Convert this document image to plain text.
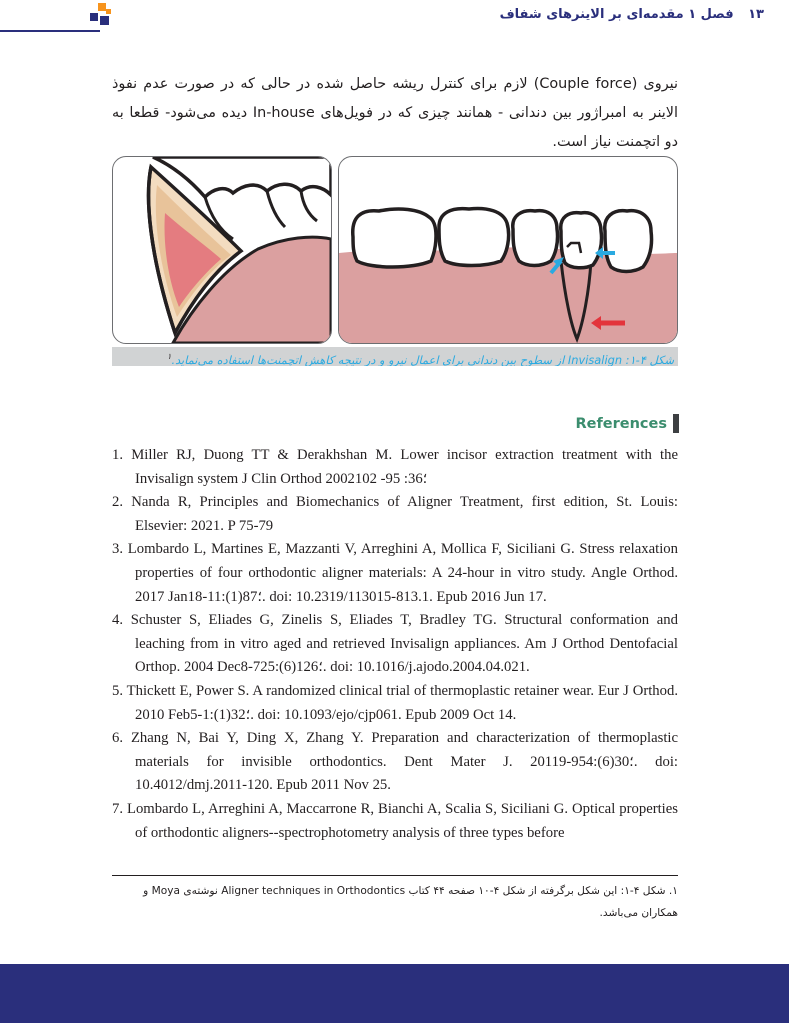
۱۳ فصل ۱ مقدمه‌ای بر الاینرهای شفاف

نیروی (Couple force) لازم برای کنترل ریشه حاصل شده در حالی که در صورت عدم نفوذ الاینر به امبراژور بین دندانی - همانند چیزی که در فویل‌های In-house دیده می‌شود- قطعا به دو اتچمنت نیاز است.

شکل ۴-۱: Invisalign از سطوح بین دندانی برای اعمال نیرو و در نتیجه کاهش اتچمنت‌ها استفاده می‌نماید.$^۱$
References
1. Miller RJ, Duong TT & Derakhshan M. Lower incisor extraction treatment with the Invisalign system J Clin Orthod 2002؛36: 95- 102
2. Nanda R, Principles and Biomechanics of Aligner Treatment, first edition, St. Louis: Elsevier: 2021. P 75-79
3. Lombardo L, Martines E, Mazzanti V, Arreghini A, Mollica F, Siciliani G. Stress relaxation properties of four orthodontic aligner materials: A 24-hour in vitro study. Angle Orthod. 2017 Jan؛87(1):11-18. doi: 10.2319/113015-813.1. Epub 2016 Jun 17.
4. Schuster S, Eliades G, Zinelis S, Eliades T, Bradley TG. Structural conformation and leaching from in vitro aged and retrieved Invisalign appliances. Am J Orthod Dentofacial Orthop. 2004 Dec؛126(6):725-8. doi: 10.1016/j.ajodo.2004.04.021.
5. Thickett E, Power S. A randomized clinical trial of thermoplastic retainer wear. Eur J Orthod. 2010 Feb؛32(1):1-5. doi: 10.1093/ejo/cjp061. Epub 2009 Oct 14.
6. Zhang N, Bai Y, Ding X, Zhang Y. Preparation and characterization of thermoplastic materials for invisible orthodontics. Dent Mater J. 2011؛30(6):954-9. doi: 10.4012/dmj.2011-120. Epub 2011 Nov 25.
7. Lombardo L, Arreghini A, Maccarrone R, Bianchi A, Scalia S, Siciliani G. Optical properties of orthodontic aligners--spectrophotometry analysis of three types before

۱. شکل ۴-۱: این شکل برگرفته از شکل ۴-۱۰ صفحه ۴۴ کتاب Aligner techniques in Orthodontics نوشته‌ی Moya و همکاران می‌باشد.
